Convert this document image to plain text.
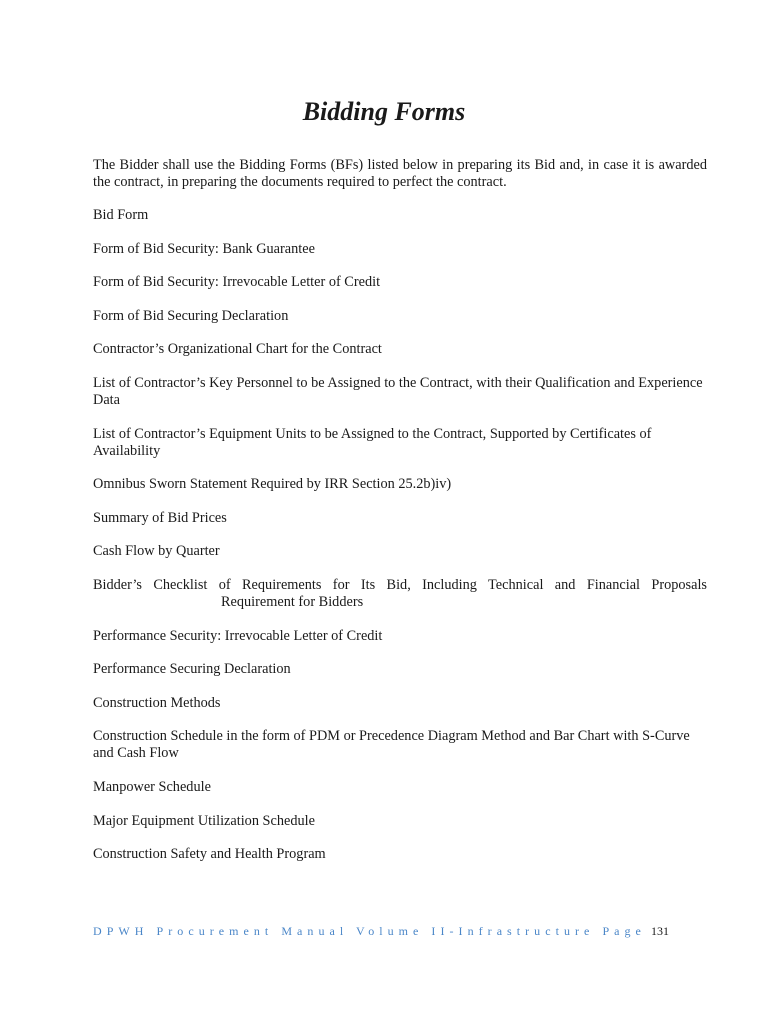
Bidding Forms

The Bidder shall use the Bidding Forms (BFs) listed below in preparing its Bid and, in case it is awarded the contract, in preparing the documents required to perfect the contract.

Bid Form
Form of Bid Security: Bank Guarantee
Form of Bid Security: Irrevocable Letter of Credit
Form of Bid Securing Declaration
Contractor’s Organizational Chart for the Contract
List of Contractor’s Key Personnel to be Assigned to the Contract, with their Qualification and Experience Data
List of Contractor’s Equipment Units to be Assigned to the Contract, Supported by Certificates of Availability
Omnibus Sworn Statement Required by IRR Section 25.2b)iv)
Summary of Bid Prices
Cash Flow by Quarter
Bidder’s Checklist of Requirements for Its Bid, Including Technical and Financial Proposals
Requirement for Bidders
Performance Security: Irrevocable Letter of Credit
Performance Securing Declaration
Construction Methods
Construction Schedule in the form of PDM or Precedence Diagram Method and Bar Chart with S-Curve and Cash Flow
Manpower Schedule
Major Equipment Utilization Schedule
Construction Safety and Health Program
DPWH Procurement Manual Volume II-Infrastructure Page 131
